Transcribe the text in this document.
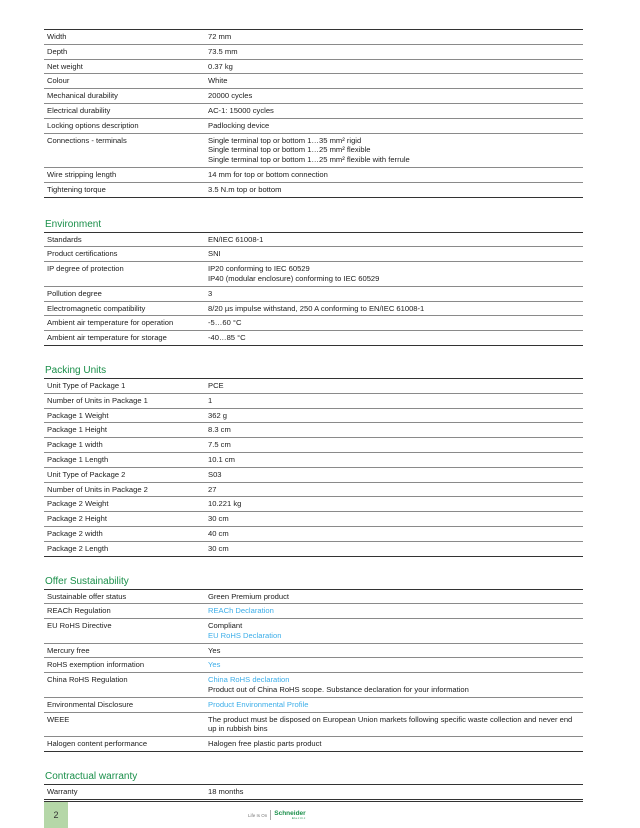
Width	72 mm

Depth	73.5 mm

Net weight	0.37 kg

Colour	White

Mechanical durability	20000 cycles

Electrical durability	AC-1: 15000 cycles

Locking options description	Padlocking device

Connections - terminals	Single terminal top or bottom 1…35 mm² rigid
Single terminal top or bottom 1…25 mm² flexible
Single terminal top or bottom 1…25 mm² flexible with ferrule

Wire stripping length	14 mm for top or bottom connection

Tightening torque	3.5 N.m top or bottom
Environment
Standards	EN/IEC 61008-1

Product certifications	SNI

IP degree of protection	IP20 conforming to IEC 60529
IP40 (modular enclosure) conforming to IEC 60529

Pollution degree	3

Electromagnetic compatibility	8/20 µs impulse withstand, 250 A conforming to EN/IEC 61008-1

Ambient air temperature for operation	-5…60 °C

Ambient air temperature for storage	-40…85 °C
Packing Units
Unit Type of Package 1	PCE

Number of Units in Package 1	1

Package 1 Weight	362 g

Package 1 Height	8.3 cm

Package 1 width	7.5 cm

Package 1 Length	10.1 cm

Unit Type of Package 2	S03

Number of Units in Package 2	27

Package 2 Weight	10.221 kg

Package 2 Height	30 cm

Package 2 width	40 cm

Package 2 Length	30 cm
Offer Sustainability
Sustainable offer status	Green Premium product

REACh Regulation	REACh Declaration

EU RoHS Directive	Compliant
EU RoHS Declaration

Mercury free	Yes

RoHS exemption information	Yes

China RoHS Regulation	China RoHS declaration
Product out of China RoHS scope. Substance declaration for your information

Environmental Disclosure	Product Environmental Profile

WEEE	The product must be disposed on European Union markets following specific waste collection and never end up in rubbish bins

Halogen content performance	Halogen free plastic parts product
Contractual warranty
Warranty	18 months
2	Life Is On Schneider
Electric
